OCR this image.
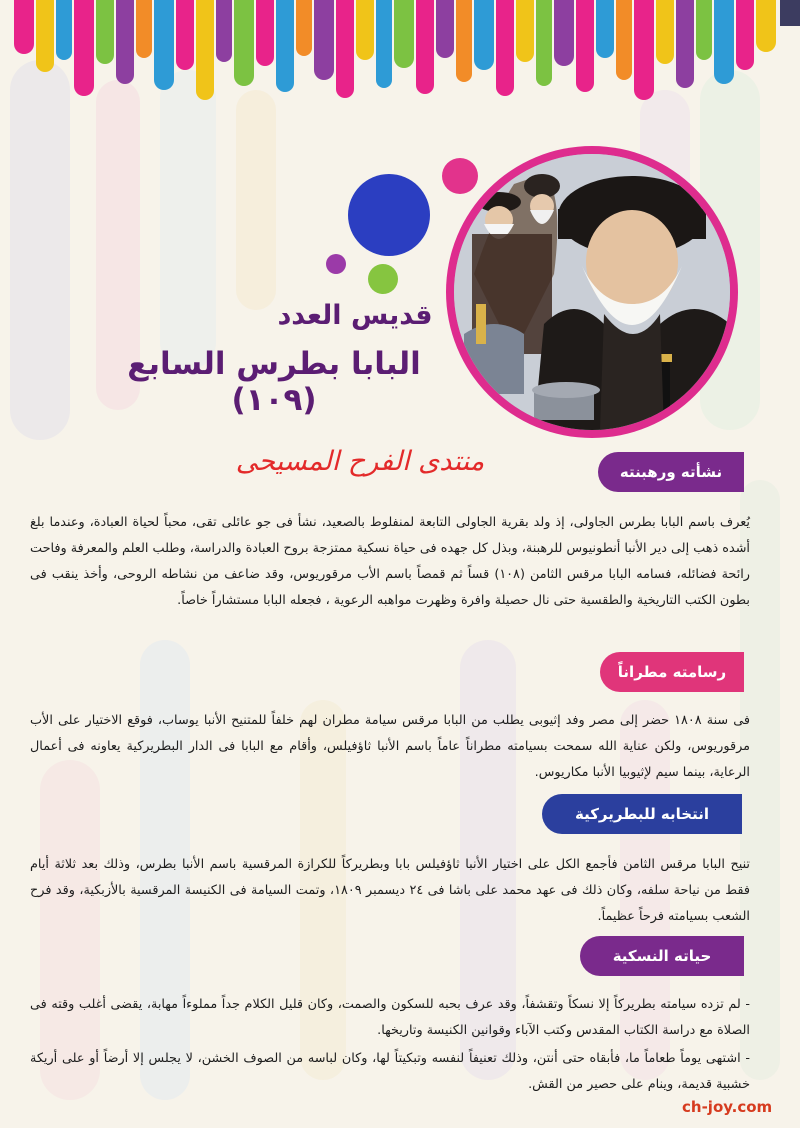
قديس العدد
البابا بطرس السابع (١٠٩)
منتدى الفرح المسيحى	نشأته ورهبنته

يُعرف باسم البابا بطرس الجاولى، إذ ولد بقرية الجاولى التابعة لمنفلوط بالصعيد، نشأ فى جو عائلى تقى، محباً لحياة العبادة، وعندما بلغ أشده ذهب إلى دير الأنبا أنطونيوس للرهبنة، وبذل كل جهده فى حياة نسكية ممتزجة بروح العبادة والدراسة، وطلب العلم والمعرفة وفاحت رائحة فضائله، فسامه البابا مرقس الثامن (١٠٨) قساً ثم قمصاً باسم الأب مرقوريوس، وقد ضاعف من نشاطه الروحى، وأخذ ينقب فى بطون الكتب التاريخية والطقسية حتى نال حصيلة وافرة وظهرت مواهبه الرعوية ، فجعله البابا مستشاراً خاصاً.

رسامته مطراناً

فى سنة ١٨٠٨ حضر إلى مصر وفد إثيوبى يطلب من البابا مرقس سيامة مطران لهم خلفاً للمتنيح الأنبا يوساب، فوقع الاختيار على الأب مرقوريوس، ولكن عناية الله سمحت بسيامته مطراناً عاماً باسم الأنبا ثاؤفيلس، وأقام مع البابا فى الدار البطريركية يعاونه فى أعمال الرعاية، بينما سيم لإثيوبيا الأنبا مكاريوس.

انتخابه للبطريركية

تنيح البابا مرقس الثامن فأجمع الكل على اختيار الأنبا ثاؤفيلس بابا وبطريركاً للكرازة المرقسية باسم الأنبا بطرس، وذلك بعد ثلاثة أيام فقط من نياحة سلفه، وكان ذلك فى عهد محمد على باشا فى ٢٤ ديسمبر ١٨٠٩، وتمت السيامة فى الكنيسة المرقسية بالأزبكية، وقد فرح الشعب بسيامته فرحاً عظيماً.

حياته النسكية

- لم تزده سيامته بطريركاً إلا نسكاً وتقشفاً، وقد عرف بحبه للسكون والصمت، وكان قليل الكلام جداً مملوءاً مهابة، يقضى أغلب وقته فى الصلاة مع دراسة الكتاب المقدس وكتب الآباء وقوانين الكنيسة وتاريخها.

- اشتهى يوماً طعاماً ما، فأبقاه حتى أنتن، وذلك تعنيفاً لنفسه وتبكيتاً لها، وكان لباسه من الصوف الخشن، لا يجلس إلا أرضاً أو على أريكة خشبية قديمة، وينام على حصير من القش.

ch-joy.com
